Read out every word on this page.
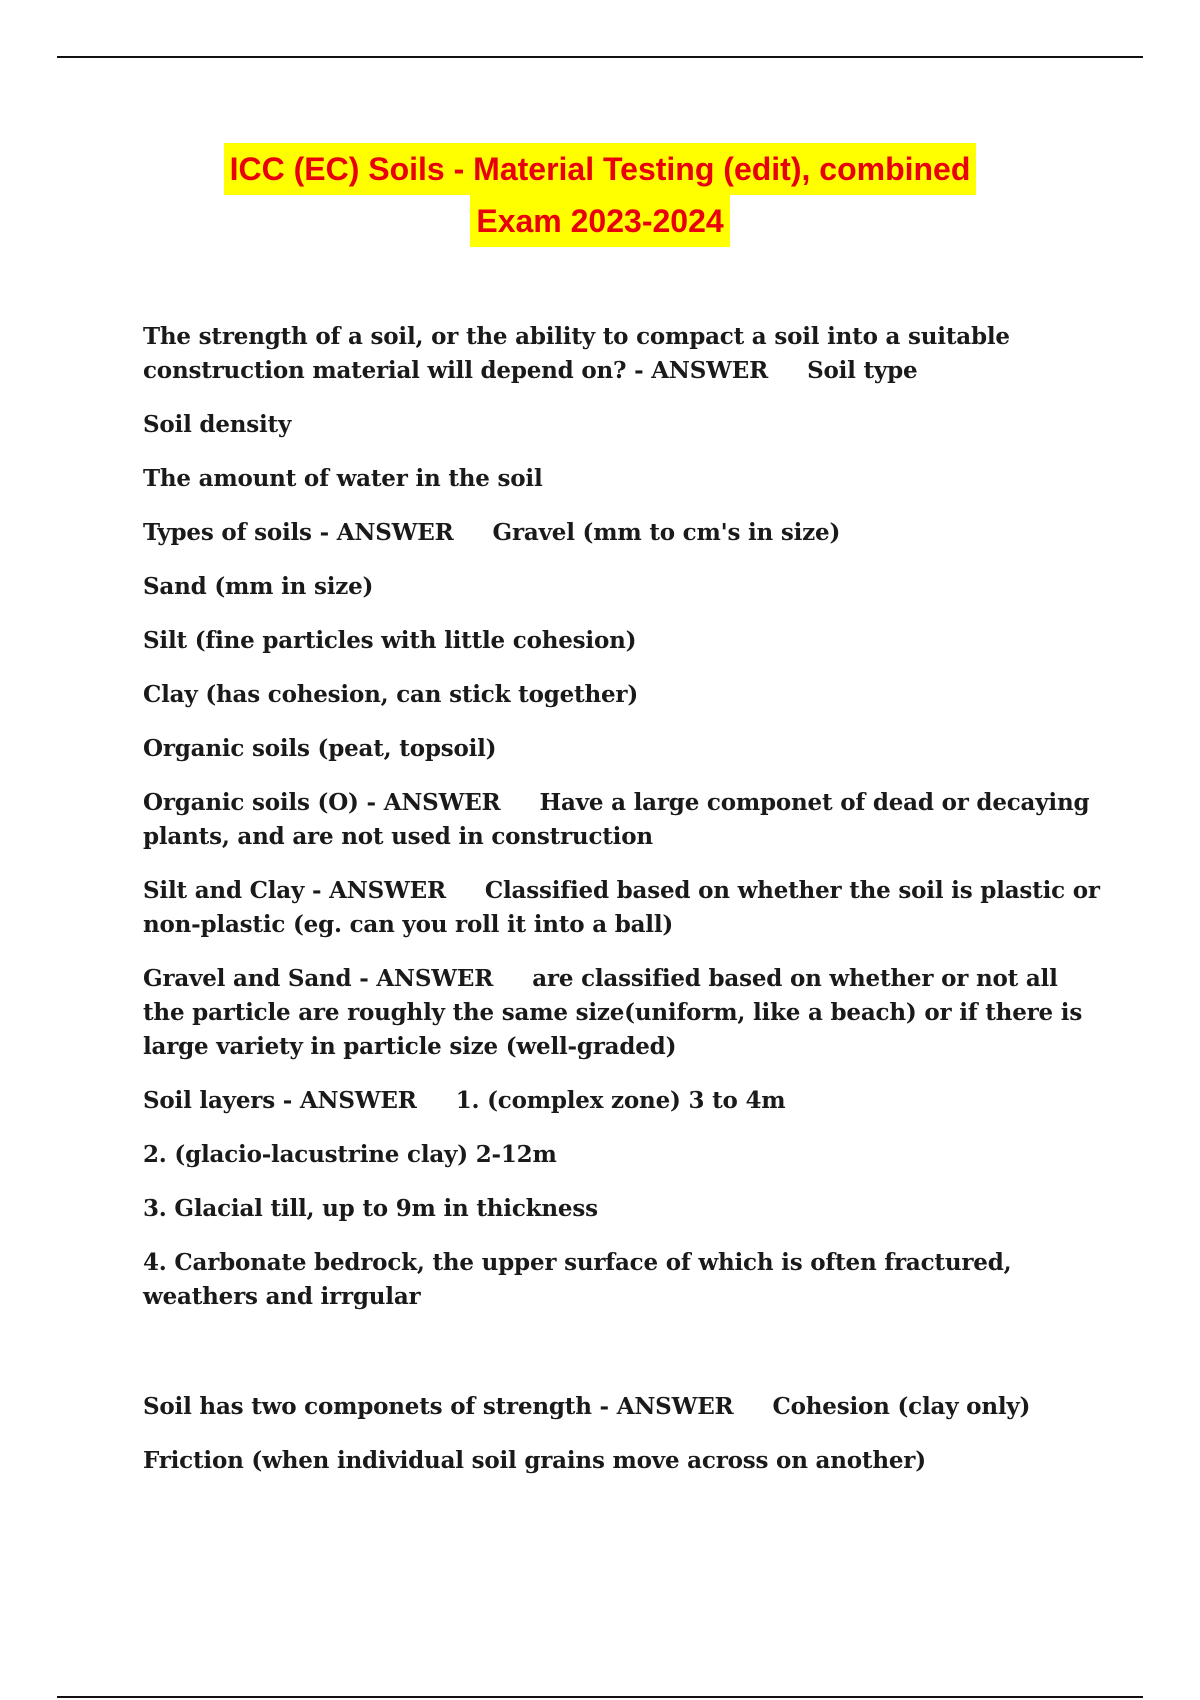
ICC (EC) Soils - Material Testing (edit), combined
Exam 2023-2024

The strength of a soil, or the ability to compact a soil into a suitable construction material will depend on? - ANSWER Soil type

Soil density

The amount of water in the soil

Types of soils - ANSWER Gravel (mm to cm's in size)

Sand (mm in size)

Silt (fine particles with little cohesion)

Clay (has cohesion, can stick together)

Organic soils (peat, topsoil)

Organic soils (O) - ANSWER Have a large componet of dead or decaying plants, and are not used in construction

Silt and Clay - ANSWER Classified based on whether the soil is plastic or non-plastic (eg. can you roll it into a ball)

Gravel and Sand - ANSWER are classified based on whether or not all the particle are roughly the same size(uniform, like a beach) or if there is large variety in particle size (well-graded)

Soil layers - ANSWER 1. (complex zone) 3 to 4m

2. (glacio-lacustrine clay) 2-12m

3. Glacial till, up to 9m in thickness

4. Carbonate bedrock, the upper surface of which is often fractured, weathers and irrgular

Soil has two componets of strength - ANSWER Cohesion (clay only)

Friction (when individual soil grains move across on another)
